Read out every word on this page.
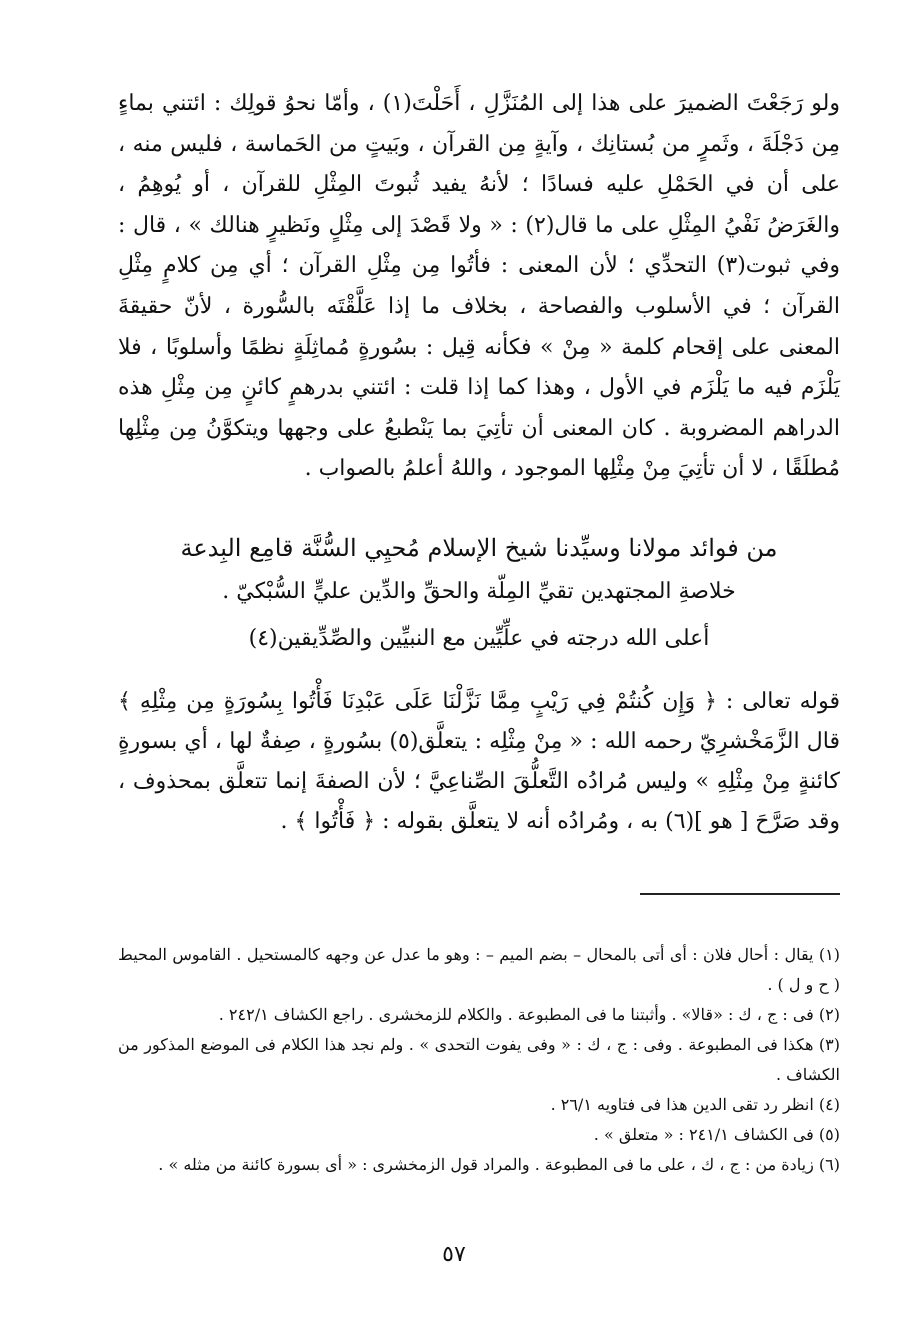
ولو رَجَعْتَ الضميرَ على هذا إلى المُنَزَّلِ ، أَحَلْتَ(١) ، وأمّا نحوُ قولِك : ائتني بماءٍ مِن دَجْلَةَ ، وثَمرٍ من بُستانِك ، وآيةٍ مِن القرآن ، وبَيتٍ من الحَماسة ، فليس منه ، على أن في الحَمْلِ عليه فسادًا ؛ لأنهُ يفيد ثُبوتَ المِثْلِ للقرآن ، أو يُوهِمُ ، والغَرَضُ نَفْيُ المِثْلِ على ما قال(٢) : « ولا قَصْدَ إلى مِثْلٍ ونَظيرٍ هنالك » ، قال : وفي ثبوت(٣) التحدِّي ؛ لأن المعنى : فأتُوا مِن مِثْلِ القرآن ؛ أي مِن كلامٍ مِثْلِ القرآن ؛ في الأسلوب والفصاحة ، بخلاف ما إذا عَلَّقْتَه بالسُّورة ، لأنّ حقيقةَ المعنى على إقحام كلمة « مِنْ » فكأنه قِيل : بسُورةٍ مُماثِلَةٍ نظمًا وأسلوبًا ، فلا يَلْزَم فيه ما يَلْزَم في الأول ، وهذا كما إذا قلت : ائتني بدرهمٍ كائنٍ مِن مِثْلِ هذه الدراهم المضروبة . كان المعنى أن تأتِيَ بما يَنْطبعُ على وجهها ويتكوَّنُ مِن مِثْلِها مُطلَقًا ، لا أن تأتِيَ مِنْ مِثْلِها الموجود ، واللهُ أعلمُ بالصواب .

من فوائد مولانا وسيِّدنا شيخ الإسلام مُحيِي السُّنَّة قامِع البِدعة
خلاصةِ المجتهدين تقيِّ المِلّة والحقِّ والدِّين عليٍّ السُّبْكيّ .
أعلى الله درجته في علِّيِّين مع النبيِّين والصِّدِّيقين(٤)

قوله تعالى : ﴿ وَإِن كُنتُمْ فِي رَيْبٍ مِمَّا نَزَّلْنَا عَلَى عَبْدِنَا فَأْتُوا بِسُورَةٍ مِن مِثْلِهِ ﴾ قال الزَّمَخْشرِيّ رحمه الله : « مِنْ مِثْلِه : يتعلَّق(٥) بسُورةٍ ، صِفةٌ لها ، أي بسورةٍ كائنةٍ مِنْ مِثْلِهِ » وليس مُرادُه التَّعلُّقَ الصِّناعِيَّ ؛ لأن الصفةَ إنما تتعلَّق بمحذوف ، وقد صَرَّحَ [ هو ](٦) به ، ومُرادُه أنه لا يتعلَّق بقوله : ﴿ فَأْتُوا ﴾ .

(١) يقال : أحال فلان : أى أتى بالمحال – بضم الميم – : وهو ما عدل عن وجهه كالمستحيل . القاموس المحيط ( ح و ل ) .

(٢) فى : ج ، ك : «قالا» . وأثبتنا ما فى المطبوعة . والكلام للزمخشرى . راجع الكشاف ٢٤٢/١ .

(٣) هكذا فى المطبوعة . وفى : ج ، ك : « وفى يفوت التحدى » . ولم نجد هذا الكلام فى الموضع المذكور من الكشاف .

(٤) انظر رد تقى الدين هذا فى فتاويه ٢٦/١ .

(٥) فى الكشاف ٢٤١/١ : « متعلق » .

(٦) زيادة من : ج ، ك ، على ما فى المطبوعة . والمراد قول الزمخشرى : « أى بسورة كائنة من مثله » .

٥٧
